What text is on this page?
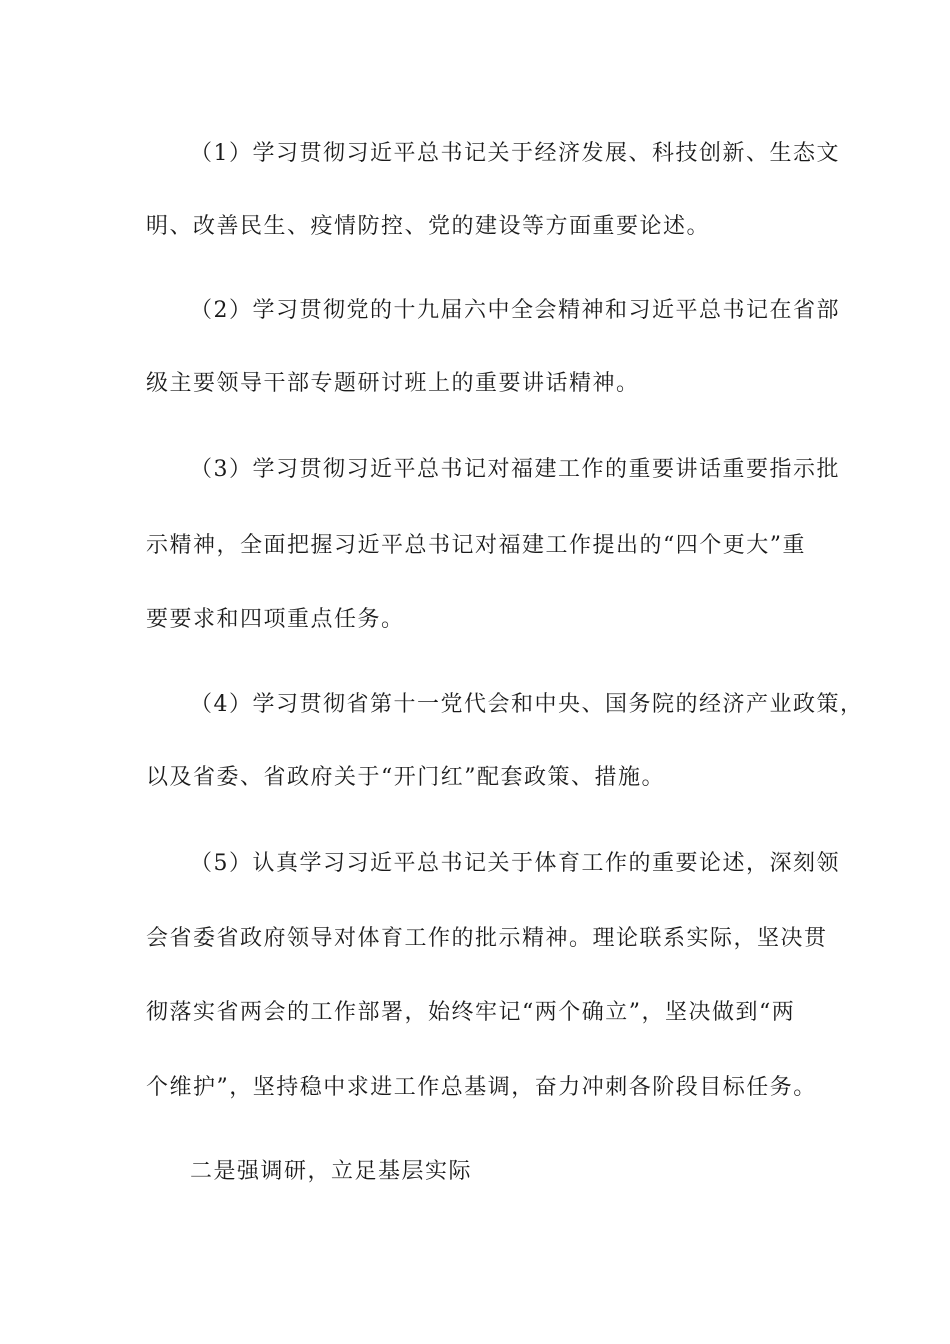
（1）学习贯彻习近平总书记关于经济发展、科技创新、生态文
明、改善民生、疫情防控、党的建设等方面重要论述。
（2）学习贯彻党的十九届六中全会精神和习近平总书记在省部
级主要领导干部专题研讨班上的重要讲话精神。
（3）学习贯彻习近平总书记对福建工作的重要讲话重要指示批
示精神，全面把握习近平总书记对福建工作提出的“四个更大”重
要要求和四项重点任务。
（4）学习贯彻省第十一党代会和中央、国务院的经济产业政策，
以及省委、省政府关于“开门红”配套政策、措施。
（5）认真学习习近平总书记关于体育工作的重要论述，深刻领
会省委省政府领导对体育工作的批示精神。理论联系实际，坚决贯
彻落实省两会的工作部署，始终牢记“两个确立”，坚决做到“两
个维护”，坚持稳中求进工作总基调，奋力冲刺各阶段目标任务。
二是强调研，立足基层实际
